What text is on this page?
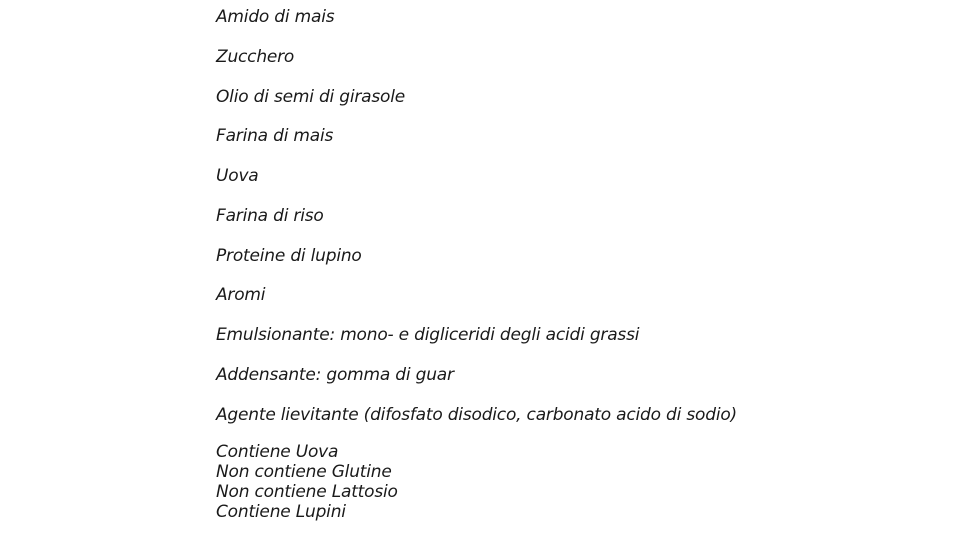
Amido di mais
Zucchero
Olio di semi di girasole
Farina di mais
Uova
Farina di riso
Proteine di lupino
Aromi
Emulsionante: mono- e digliceridi degli acidi grassi
Addensante: gomma di guar
Agente lievitante (difosfato disodico, carbonato acido di sodio)
Contiene Uova
Non contiene Glutine
Non contiene Lattosio
Contiene Lupini
